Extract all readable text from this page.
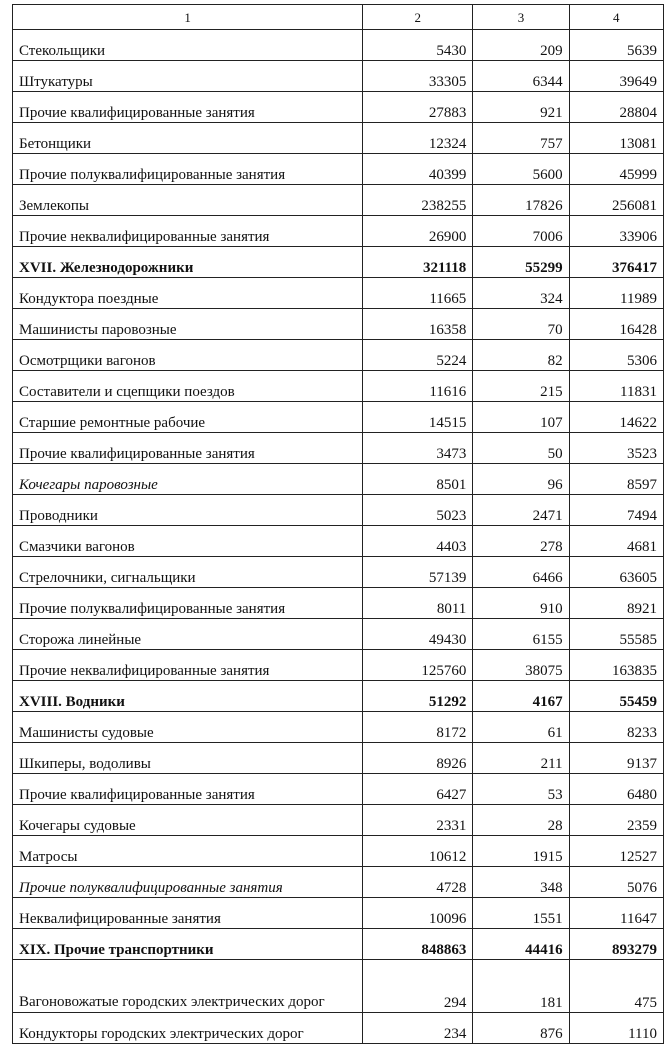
1	2	3	4
Стекольщики	5430	209	5639
Штукатуры	33305	6344	39649
Прочие квалифицированные занятия	27883	921	28804
Бетонщики	12324	757	13081
Прочие полуквалифицированные занятия	40399	5600	45999
Землекопы	238255	17826	256081
Прочие неквалифицированные занятия	26900	7006	33906
XVII. Железнодорожники	321118	55299	376417
Кондуктора поездные	11665	324	11989
Машинисты паровозные	16358	70	16428
Осмотрщики вагонов	5224	82	5306
Составители и сцепщики поездов	11616	215	11831
Старшие ремонтные рабочие	14515	107	14622
Прочие квалифицированные занятия	3473	50	3523
Кочегары паровозные	8501	96	8597
Проводники	5023	2471	7494
Смазчики вагонов	4403	278	4681
Стрелочники, сигнальщики	57139	6466	63605
Прочие полуквалифицированные занятия	8011	910	8921
Сторожа линейные	49430	6155	55585
Прочие неквалифицированные занятия	125760	38075	163835
XVIII. Водники	51292	4167	55459
Машинисты судовые	8172	61	8233
Шкиперы, водоливы	8926	211	9137
Прочие квалифицированные занятия	6427	53	6480
Кочегары судовые	2331	28	2359
Матросы	10612	1915	12527
Прочие полуквалифицированные занятия	4728	348	5076
Неквалифицированные занятия	10096	1551	11647
XIX. Прочие транспортники	848863	44416	893279
Вагоновожатые городских электрических дорог	294	181	475
Кондукторы городских электрических дорог	234	876	1110
